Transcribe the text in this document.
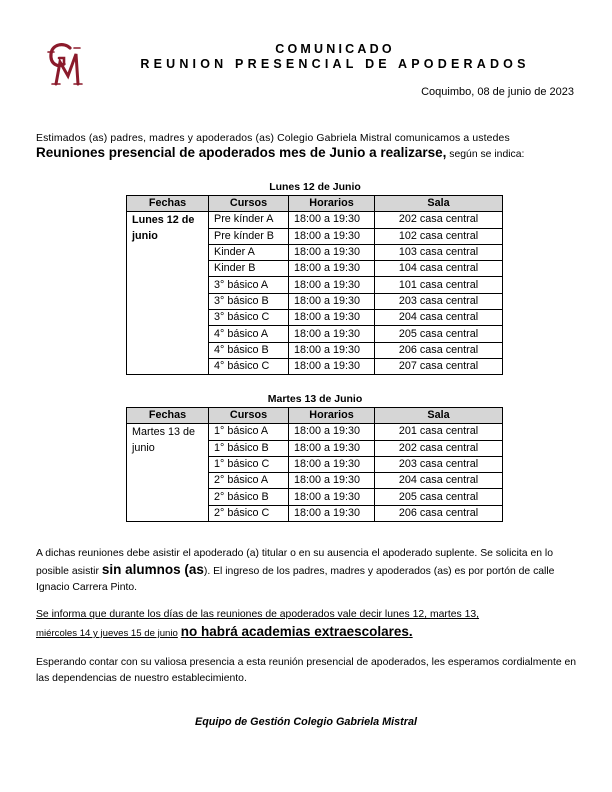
COMUNICADO
REUNION PRESENCIAL DE APODERADOS
Coquimbo, 08 de junio de 2023
Estimados (as) padres, madres y apoderados (as) Colegio Gabriela Mistral comunicamos a ustedes
Reuniones presencial de apoderados mes de Junio a realizarse, según se indica:
Lunes 12 de Junio
Fechas	Cursos	Horarios	Sala
Lunes 12 de junio	Pre kínder A	18:00 a 19:30	202 casa central
	Pre kínder B	18:00 a 19:30	102 casa central
	Kinder A	18:00 a 19:30	103 casa central
	Kinder B	18:00 a 19:30	104 casa central
	3° básico A	18:00 a 19:30	101 casa central
	3° básico B	18:00 a 19:30	203 casa central
	3° básico C	18:00 a 19:30	204 casa central
	4° básico A	18:00 a 19:30	205 casa central
	4° básico B	18:00 a 19:30	206 casa central
	4° básico C	18:00 a 19:30	207 casa central
Martes 13 de Junio
Fechas	Cursos	Horarios	Sala
Martes 13 de junio	1° básico A	18:00 a 19:30	201 casa central
	1° básico B	18:00 a 19:30	202 casa central
	1° básico C	18:00 a 19:30	203 casa central
	2° básico A	18:00 a 19:30	204 casa central
	2° básico B	18:00 a 19:30	205 casa central
	2° básico C	18:00 a 19:30	206 casa central
A dichas reuniones debe asistir el apoderado (a) titular o en su ausencia el apoderado suplente. Se solicita en lo posible asistir sin alumnos (as). El ingreso de los padres, madres y apoderados (as) es por portón de calle Ignacio Carrera Pinto.
Se informa que durante los días de las reuniones de apoderados vale decir lunes 12, martes 13,
miércoles 14 y jueves 15 de junio no habrá academias extraescolares.
Esperando contar con su valiosa presencia a esta reunión presencial de apoderados, les esperamos cordialmente en las dependencias de nuestro establecimiento.
Equipo de Gestión Colegio Gabriela Mistral
